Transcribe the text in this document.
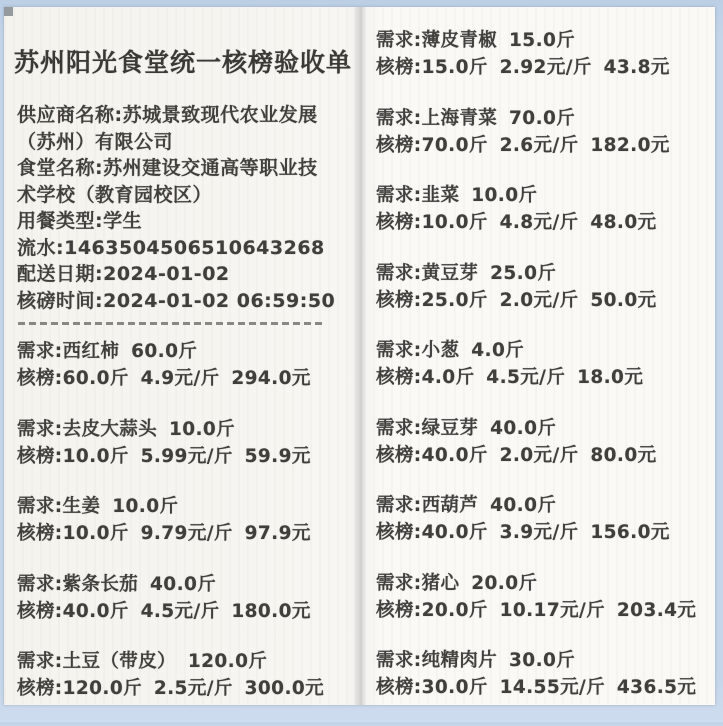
苏州阳光食堂统一核榜验收单
供应商名称:苏城景致现代农业发展
（苏州）有限公司
食堂名称:苏州建设交通高等职业技
术学校（教育园校区）
用餐类型:学生
流水:1463504506510643268
配送日期:2024-01-02
核磅时间:2024-01-02 06:59:50
需求:西红柿 60.0斤
核榜:60.0斤 4.9元/斤 294.0元
需求:去皮大蒜头 10.0斤
核榜:10.0斤 5.99元/斤 59.9元
需求:生姜 10.0斤
核榜:10.0斤 9.79元/斤 97.9元
需求:紫条长茄 40.0斤
核榜:40.0斤 4.5元/斤 180.0元
需求:土豆（带皮） 120.0斤
核榜:120.0斤 2.5元/斤 300.0元
需求:薄皮青椒 15.0斤
核榜:15.0斤 2.92元/斤 43.8元
需求:上海青菜 70.0斤
核榜:70.0斤 2.6元/斤 182.0元
需求:韭菜 10.0斤
核榜:10.0斤 4.8元/斤 48.0元
需求:黄豆芽 25.0斤
核榜:25.0斤 2.0元/斤 50.0元
需求:小葱 4.0斤
核榜:4.0斤 4.5元/斤 18.0元
需求:绿豆芽 40.0斤
核榜:40.0斤 2.0元/斤 80.0元
需求:西葫芦 40.0斤
核榜:40.0斤 3.9元/斤 156.0元
需求:猪心 20.0斤
核榜:20.0斤 10.17元/斤 203.4元
需求:纯精肉片 30.0斤
核榜:30.0斤 14.55元/斤 436.5元
